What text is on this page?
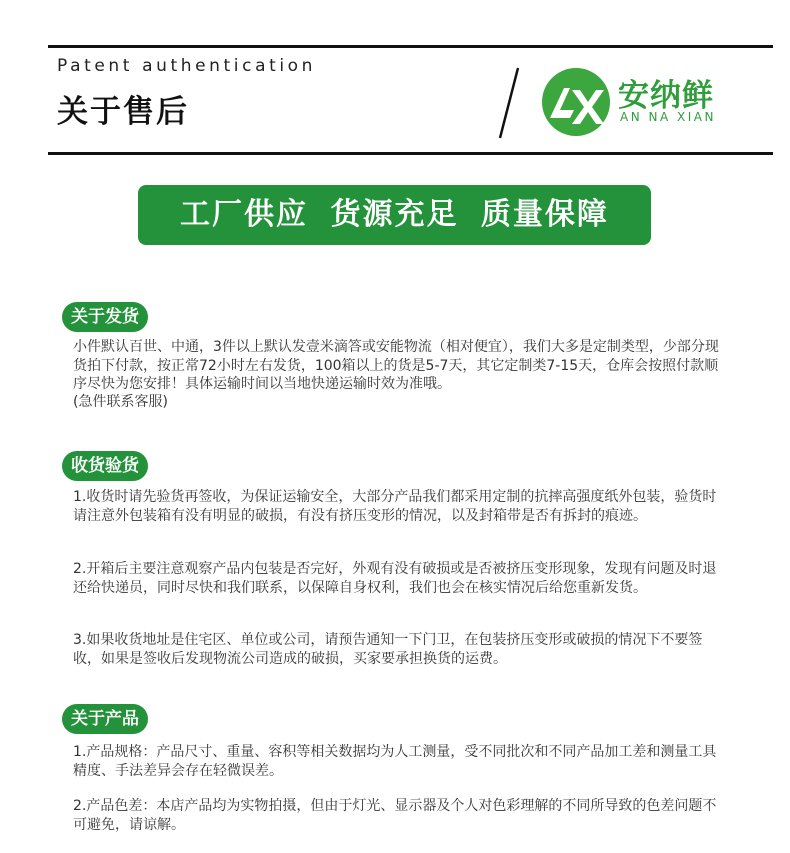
Patent authentication
关于售后	安纳鲜
AN NA XIAN
工厂供应 货源充足 质量保障
关于发货
小件默认百世、中通，3件以上默认发壹米滴答或安能物流（相对便宜），我们大多是定制类型，少部分现货拍下付款，按正常72小时左右发货，100箱以上的货是5-7天，其它定制类7-15天，仓库会按照付款顺序尽快为您安排！具体运输时间以当地快递运输时效为准哦。
(急件联系客服)
收货验货
1.收货时请先验货再签收，为保证运输安全，大部分产品我们都采用定制的抗摔高强度纸外包装，验货时请注意外包装箱有没有明显的破损，有没有挤压变形的情况，以及封箱带是否有拆封的痕迹。
2.开箱后主要注意观察产品内包装是否完好，外观有没有破损或是否被挤压变形现象，发现有问题及时退还给快递员，同时尽快和我们联系，以保障自身权利，我们也会在核实情况后给您重新发货。
3.如果收货地址是住宅区、单位或公司，请预告通知一下门卫，在包装挤压变形或破损的情况下不要签收，如果是签收后发现物流公司造成的破损，买家要承担换货的运费。
关于产品
1.产品规格：产品尺寸、重量、容积等相关数据均为人工测量，受不同批次和不同产品加工差和测量工具精度、手法差异会存在轻微误差。
2.产品色差：本店产品均为实物拍摄，但由于灯光、显示器及个人对色彩理解的不同所导致的色差问题不可避免，请谅解。
